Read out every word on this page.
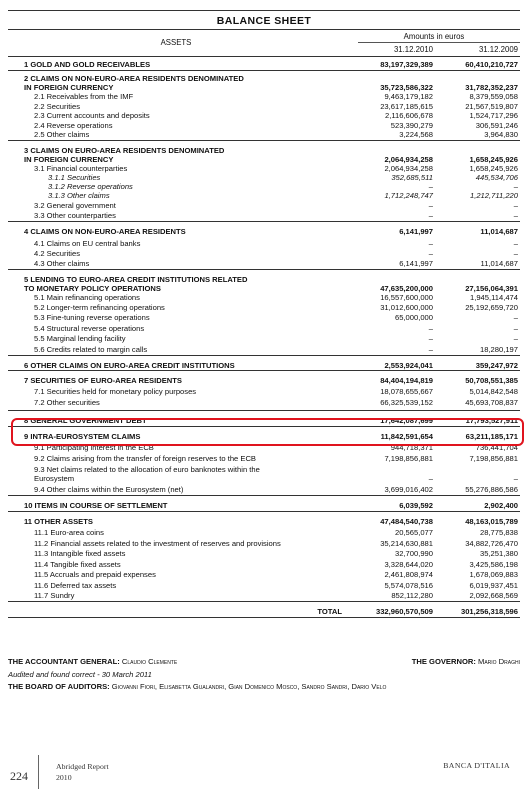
BALANCE SHEET
ASSETS
Amounts in euros
31.12.2010	31.12.2009
1 GOLD AND GOLD RECEIVABLES	83,197,329,389	60,410,210,727
2 CLAIMS ON NON-EURO-AREA RESIDENTS DENOMINATED
IN FOREIGN CURRENCY	35,723,586,322	31,782,352,237
2.1 Receivables from the IMF	9,463,179,182	8,379,559,058
2.2 Securities	23,617,185,615	21,567,519,807
2.3 Current accounts and deposits	2,116,606,678	1,524,717,296
2.4 Reverse operations	523,390,279	306,591,246
2.5 Other claims	3,224,568	3,964,830
3 CLAIMS ON EURO-AREA RESIDENTS DENOMINATED
IN FOREIGN CURRENCY	2,064,934,258	1,658,245,926
3.1 Financial counterparties	2,064,934,258	1,658,245,926
3.1.1 Securities	352,685,511	445,534,706
3.1.2 Reverse operations	–	–
3.1.3 Other claims	1,712,248,747	1,212,711,220
3.2 General government	–	–
3.3 Other counterparties	–	–
4 CLAIMS ON NON-EURO-AREA RESIDENTS	6,141,997	11,014,687
4.1 Claims on EU central banks	–	–
4.2 Securities	–	–
4.3 Other claims	6,141,997	11,014,687
5 LENDING TO EURO-AREA CREDIT INSTITUTIONS RELATED
TO MONETARY POLICY OPERATIONS	47,635,200,000	27,156,064,391
5.1 Main refinancing operations	16,557,600,000	1,945,114,474
5.2 Longer-term refinancing operations	31,012,600,000	25,192,659,720
5.3 Fine-tuning reverse operations	65,000,000	–
5.4 Structural reverse operations	–	–
5.5 Marginal lending facility	–	–
5.6 Credits related to margin calls	–	18,280,197
6 OTHER CLAIMS ON EURO-AREA CREDIT INSTITUTIONS	2,553,924,041	359,247,972
7 SECURITIES OF EURO-AREA RESIDENTS	84,404,194,819	50,708,551,385
7.1 Securities held for monetary policy purposes	18,078,655,667	5,014,842,548
7.2 Other securities	66,325,539,152	45,693,708,837
8 GENERAL GOVERNMENT DEBT	17,642,087,699	17,793,527,911
9 INTRA-EUROSYSTEM CLAIMS	11,842,591,654	63,211,185,171
9.1 Participating interest in the ECB	944,718,371	736,441,704
9.2 Claims arising from the transfer of foreign reserves to the ECB	7,198,856,881	7,198,856,881
9.3 Net claims related to the allocation of euro banknotes within the
Eurosystem	–	–
9.4 Other claims within the Eurosystem (net)	3,699,016,402	55,276,886,586
10 ITEMS IN COURSE OF SETTLEMENT	6,039,592	2,902,400
11 OTHER ASSETS	47,484,540,738	48,163,015,789
11.1 Euro-area coins	20,565,077	28,775,838
11.2 Financial assets related to the investment of reserves and provisions	35,214,630,881	34,882,726,470
11.3 Intangible fixed assets	32,700,990	35,251,380
11.4 Tangible fixed assets	3,328,644,020	3,425,586,198
11.5 Accruals and prepaid expenses	2,461,808,974	1,678,069,883
11.6 Deferred tax assets	5,574,078,516	6,019,937,451
11.7 Sundry	852,112,280	2,092,668,569
TOTAL	332,960,570,509	301,256,318,596
THE ACCOUNTANT GENERAL: Claudio Clemente	THE GOVERNOR: Mario Draghi
Audited and found correct - 30 March 2011
THE BOARD OF AUDITORS: Giovanni Fiori, Elisabetta Gualandri, Gian Domenico Mosco, Sandro Sandri, Dario Velo
224
Abridged Report
2010
BANCA D'ITALIA
